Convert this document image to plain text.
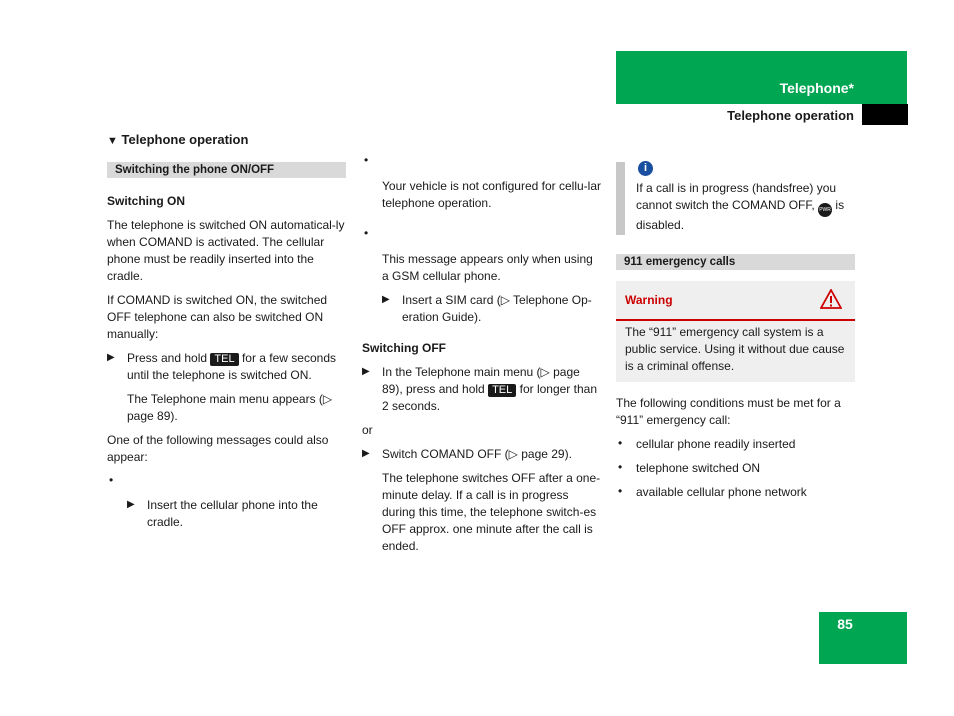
Telephone*
Telephone operation
85
▼ Telephone operation
Switching the phone ON/OFF

Switching ON

The telephone is switched ON automatical-ly when COMAND is activated. The cellular phone must be readily inserted into the cradle.

If COMAND is switched ON, the switched OFF telephone can also be switched ON manually:

▶ Press and hold TEL for a few seconds until the telephone is switched ON.

The Telephone main menu appears (▷ page 89).

One of the following messages could also appear:

•
▶ Insert the cellular phone into the cradle.

•

Your vehicle is not configured for cellu-lar telephone operation.

•

This message appears only when using a GSM cellular phone.

▶ Insert a SIM card (▷ Telephone Op-eration Guide).

Switching OFF

▶ In the Telephone main menu (▷ page 89), press and hold TEL for longer than 2 seconds.

or

▶ Switch COMAND OFF (▷ page 29).

The telephone switches OFF after a one-minute delay. If a call is in progress during this time, the telephone switch-es OFF approx. one minute after the call is ended.

i

If a call is in progress (handsfree) you cannot switch the COMAND OFF, PWR is disabled.

911 emergency calls
Warning

The “911” emergency call system is a public service. Using it without due cause is a criminal offense.

The following conditions must be met for a “911” emergency call:

• cellular phone readily inserted

• telephone switched ON

• available cellular phone network
